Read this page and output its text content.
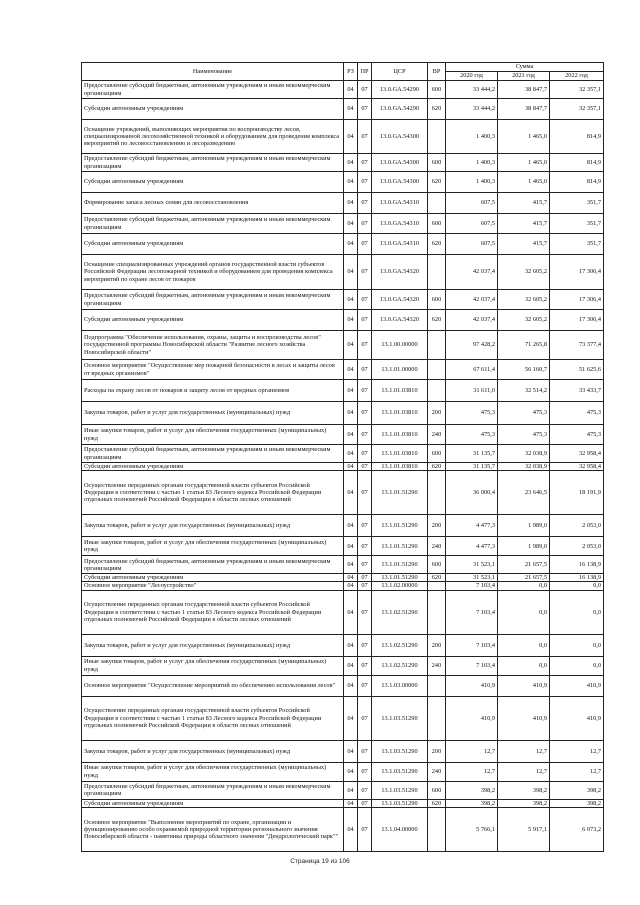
Наименование	РЗ	ПР	ЦСР	ВР	Сумма		
					2020 год	2021 год	2022 год
Предоставление субсидий бюджетным, автономным учреждениям и иным некоммерческим организациям	04	07	13.0.GA.54290	600	33 444,2	38 847,7	32 357,1
Субсидии автономным учреждениям	04	07	13.0.GA.54290	620	33 444,2	38 847,7	32 357,1
Оснащение учреждений, выполняющих мероприятия по воспроизводству лесов, специализированной лесохозяйственной техникой и оборудованием для проведения комплекса мероприятий по лесовосстановлению и лесоразведению	04	07	13.0.GA.54300		1 400,3	1 465,0	814,9
Предоставление субсидий бюджетным, автономным учреждениям и иным некоммерческим организациям	04	07	13.0.GA.54300	600	1 400,3	1 465,0	814,9
Субсидии автономным учреждениям	04	07	13.0.GA.54300	620	1 400,3	1 465,0	814,9
Формирование запаса лесных семян для лесовосстановления	04	07	13.0.GA.54310		607,5	415,7	351,7
Предоставление субсидий бюджетным, автономным учреждениям и иным некоммерческим организациям	04	07	13.0.GA.54310	600	607,5	415,7	351,7
Субсидии автономным учреждениям	04	07	13.0.GA.54310	620	607,5	415,7	351,7
Оснащение специализированных учреждений органов государственной власти субъектов Российской Федерации лесопожарной техникой и оборудованием для проведения комплекса мероприятий по охране лесов от пожаров	04	07	13.0.GA.54320		42 037,4	32 605,2	17 306,4
Предоставление субсидий бюджетным, автономным учреждениям и иным некоммерческим организациям	04	07	13.0.GA.54320	600	42 037,4	32 605,2	17 306,4
Субсидии автономным учреждениям	04	07	13.0.GA.54320	620	42 037,4	32 605,2	17 306,4
Подпрограмма "Обеспечение использования, охраны, защиты и воспроизводства лесов" государственной программы Новосибирской области "Развитие лесного хозяйства Новосибирской области"	04	07	13.1.00.00000		97 428,2	71 265,8	73 377,4
Основное мероприятие "Осуществление мер пожарной безопасности в лесах и защиты лесов от вредных организмов"	04	07	13.1.01.00000		67 611,4	56 160,7	51 625,6
Расходы на охрану лесов от пожаров и защиту лесов от вредных организмов	04	07	13.1.01.03810		31 611,0	32 514,2	33 433,7
Закупка товаров, работ и услуг для государственных (муниципальных) нужд	04	07	13.1.01.03810	200	475,3	475,3	475,3
Иные закупки товаров, работ и услуг для обеспечения государственных (муниципальных) нужд	04	07	13.1.01.03810	240	475,3	475,3	475,3
Предоставление субсидий бюджетным, автономным учреждениям и иным некоммерческим организациям	04	07	13.1.01.03810	600	31 135,7	32 038,9	32 958,4
Субсидии автономным учреждениям	04	07	13.1.01.03810	620	31 135,7	32 038,9	32 958,4
Осуществление переданных органам государственной власти субъектов Российской Федерации в соответствии с частью 1 статьи 83 Лесного кодекса Российской Федерации отдельных полномочий Российской Федерации в области лесных отношений	04	07	13.1.01.51290		36 000,4	23 646,5	18 191,9
Закупка товаров, работ и услуг для государственных (муниципальных) нужд	04	07	13.1.01.51290	200	4 477,3	1 989,0	2 053,0
Иные закупки товаров, работ и услуг для обеспечения государственных (муниципальных) нужд	04	07	13.1.01.51290	240	4 477,3	1 989,0	2 053,0
Предоставление субсидий бюджетным, автономным учреждениям и иным некоммерческим организациям	04	07	13.1.01.51290	600	31 523,1	21 657,5	16 138,9
Субсидии автономным учреждениям	04	07	13.1.01.51290	620	31 523,1	21 657,5	16 138,9
Основное мероприятие "Лесоустройство"	04	07	13.1.02.00000		7 103,4	0,0	0,0
Осуществление переданных органам государственной власти субъектов Российской Федерации в соответствии с частью 1 статьи 83 Лесного кодекса Российской Федерации отдельных полномочий Российской Федерации в области лесных отношений	04	07	13.1.02.51290		7 103,4	0,0	0,0
Закупка товаров, работ и услуг для государственных (муниципальных) нужд	04	07	13.1.02.51290	200	7 103,4	0,0	0,0
Иные закупки товаров, работ и услуг для обеспечения государственных (муниципальных) нужд	04	07	13.1.02.51290	240	7 103,4	0,0	0,0
Основное мероприятие "Осуществление мероприятий по обеспечению использования лесов"	04	07	13.1.03.00000		410,9	410,9	410,9
Осуществление переданных органам государственной власти субъектов Российской Федерации в соответствии с частью 1 статьи 83 Лесного кодекса Российской Федерации отдельных полномочий Российской Федерации в области лесных отношений	04	07	13.1.03.51290		410,9	410,9	410,9
Закупка товаров, работ и услуг для государственных (муниципальных) нужд	04	07	13.1.03.51290	200	12,7	12,7	12,7
Иные закупки товаров, работ и услуг для обеспечения государственных (муниципальных) нужд	04	07	13.1.03.51290	240	12,7	12,7	12,7
Предоставление субсидий бюджетным, автономным учреждениям и иным некоммерческим организациям	04	07	13.1.03.51290	600	398,2	398,2	398,2
Субсидии автономным учреждениям	04	07	13.1.03.51290	620	398,2	398,2	398,2
Основное мероприятие "Выполнение мероприятий по охране, организации и функционированию особо охраняемой природной территории регионального значения Новосибирской области - памятника природы областного значения "Дендрологический парк""	04	07	13.1.04.00000		5 766,1	5 917,1	6 073,2
Страница 19 из 106
